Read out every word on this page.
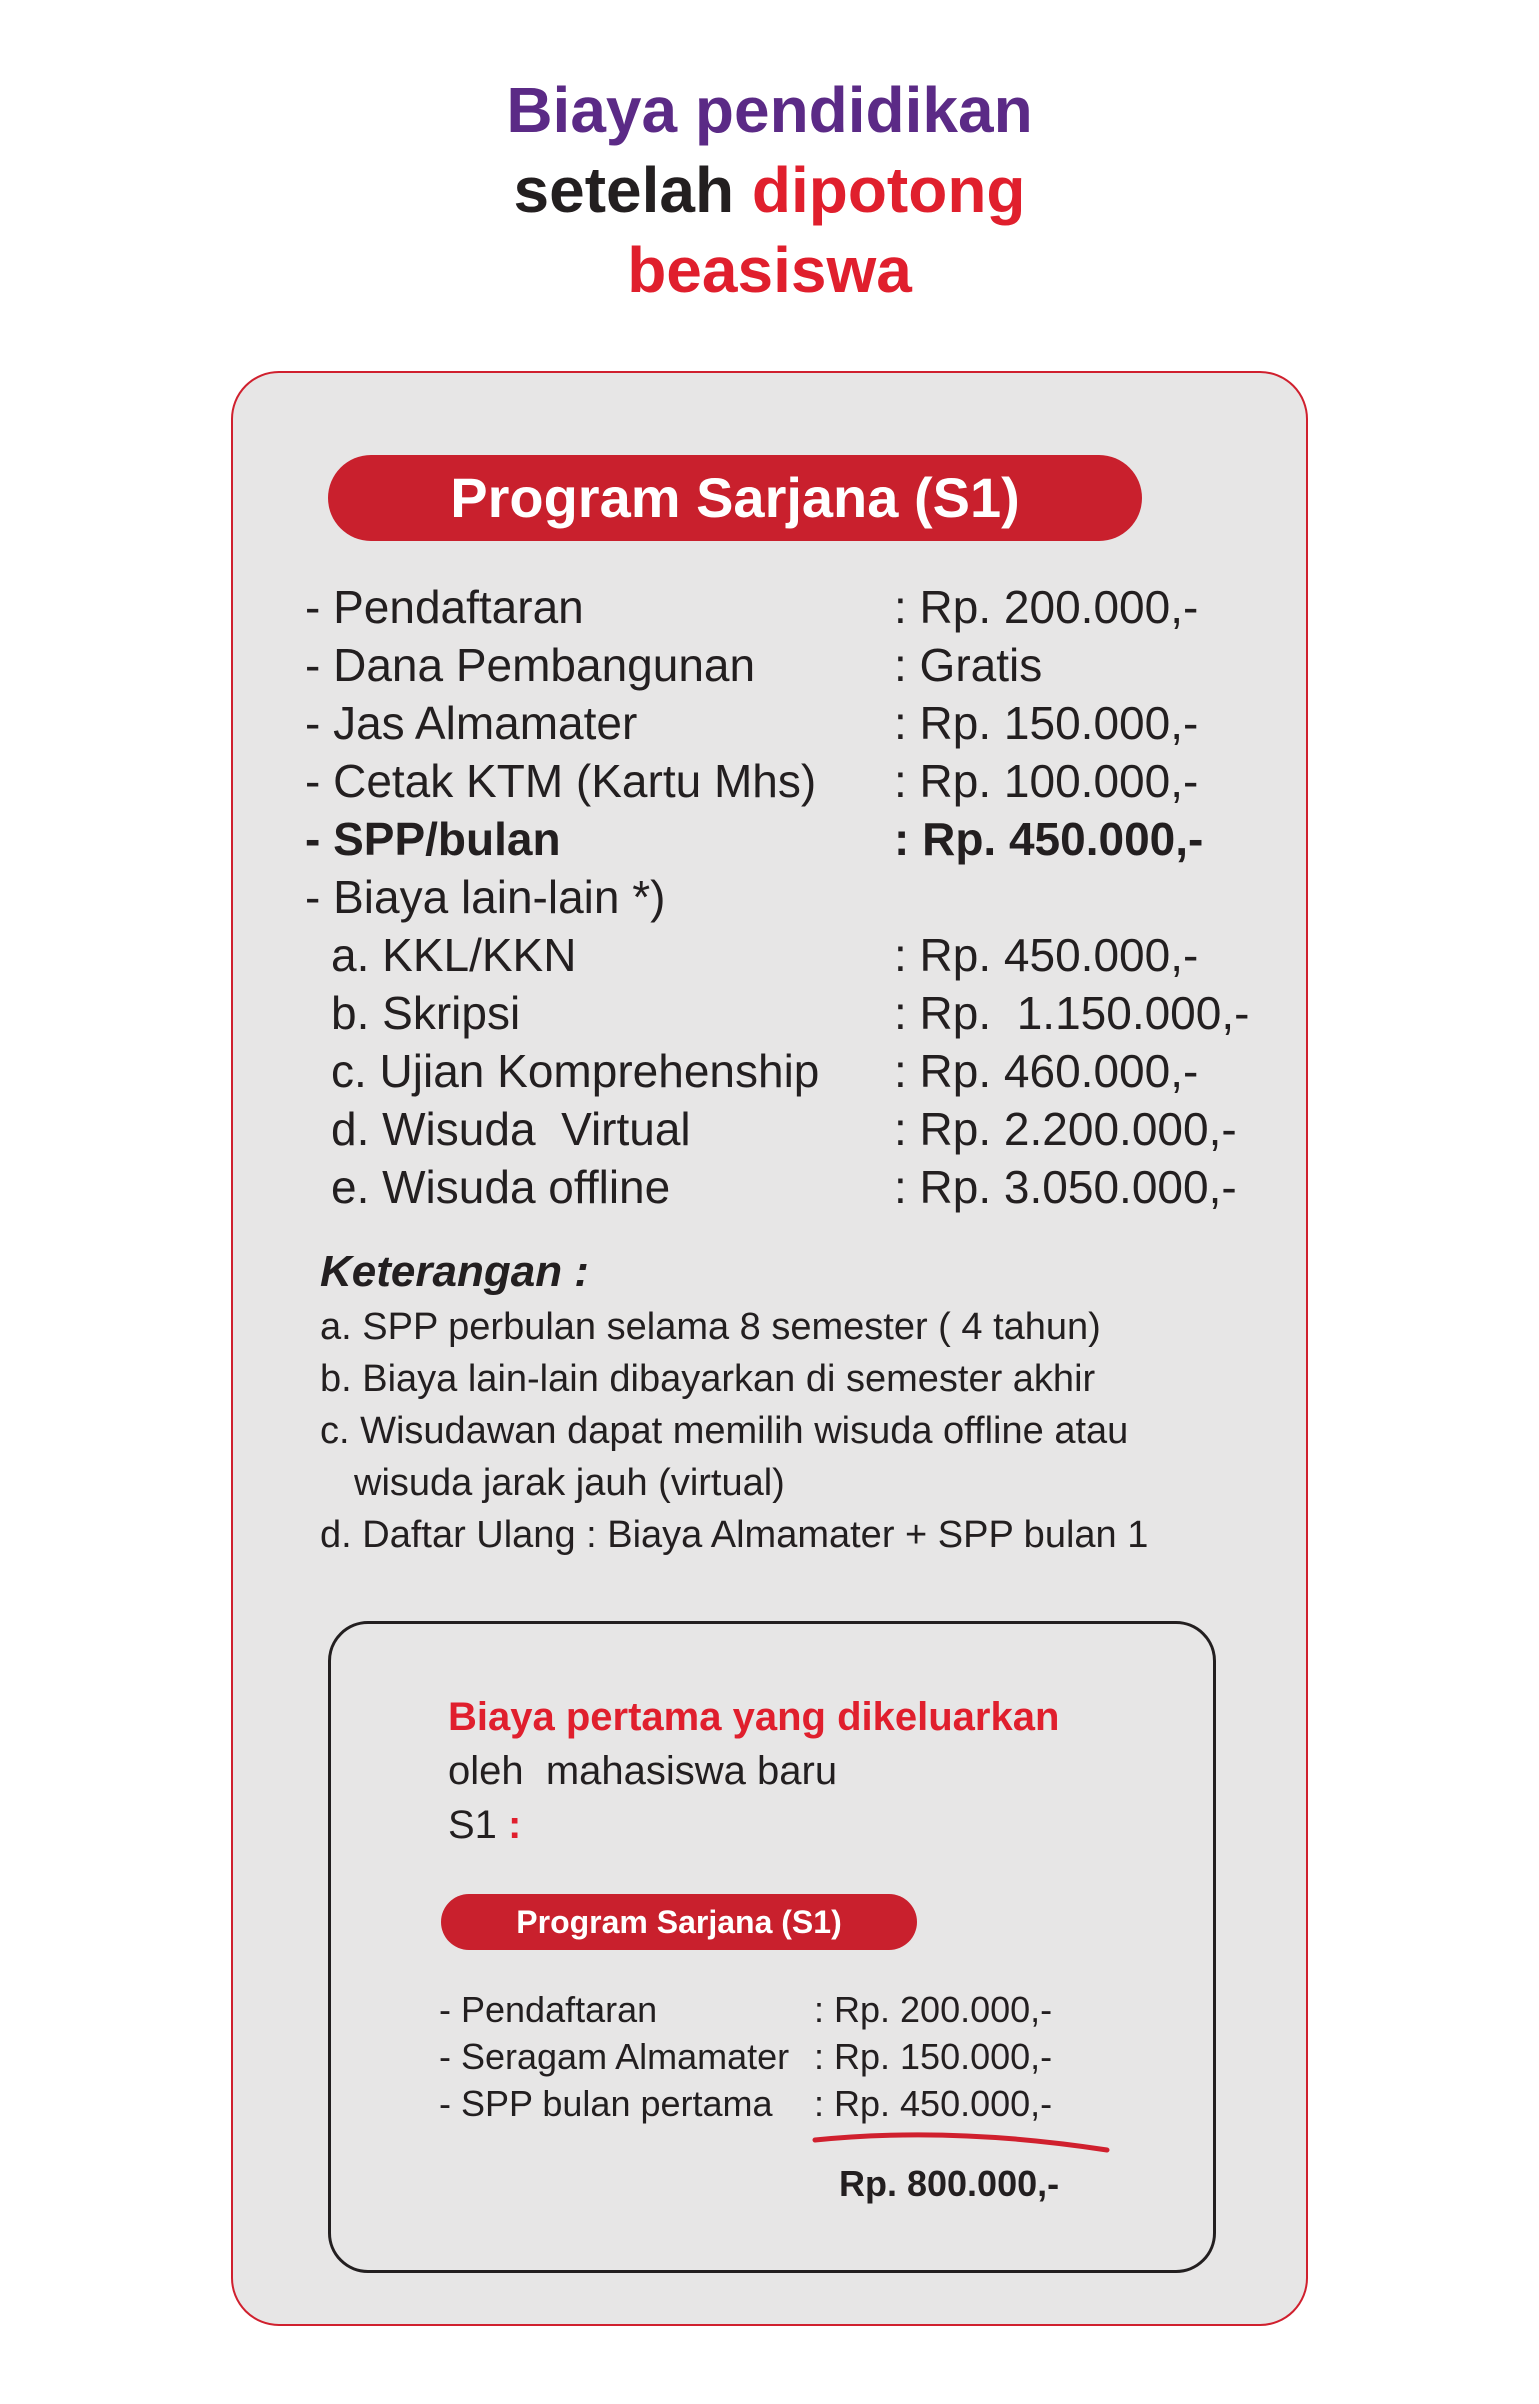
Biaya pendidikan
setelah dipotong
beasiswa
Program Sarjana (S1)
- Pendaftaran	: Rp. 200.000,-
- Dana Pembangunan	: Gratis
- Jas Almamater	: Rp. 150.000,-
- Cetak KTM (Kartu Mhs) : Rp. 100.000,-
- SPP/bulan	: Rp. 450.000,-
- Biaya lain-lain *)
a. KKL/KKN	: Rp. 450.000,-
b. Skripsi	: Rp.  1.150.000,-
c. Ujian Komprehenship : Rp. 460.000,-
d. Wisuda  Virtual	: Rp. 2.200.000,-
e. Wisuda offline	: Rp. 3.050.000,-
Keterangan :
a. SPP perbulan selama 8 semester ( 4 tahun)
b. Biaya lain-lain dibayarkan di semester akhir
c. Wisudawan dapat memilih wisuda offline atau
wisuda jarak jauh (virtual)
d. Daftar Ulang : Biaya Almamater + SPP bulan 1
Biaya pertama yang dikeluarkan
oleh  mahasiswa baru
S1 :
Program Sarjana (S1)
- Pendaftaran	: Rp. 200.000,-
- Seragam Almamater : Rp. 150.000,-
- SPP bulan pertama : Rp. 450.000,-
Rp. 800.000,-
